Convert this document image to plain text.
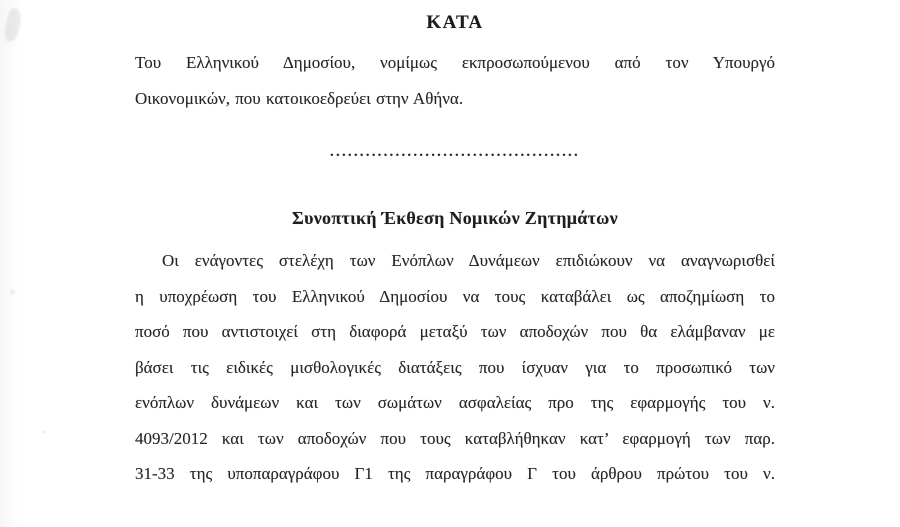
ΚΑΤΑ
Του Ελληνικού Δημοσίου, νομίμως εκπροσωπούμενου από τον Υπουργό
Οικονομικών, που κατοικοεδρεύει στην Αθήνα.
..........................................
Συνοπτική Έκθεση Νομικών Ζητημάτων
Οι ενάγοντες στελέχη των Ενόπλων Δυνάμεων επιδιώκουν να αναγνωρισθεί
η υποχρέωση του Ελληνικού Δημοσίου να τους καταβάλει ως αποζημίωση το
ποσό που αντιστοιχεί στη διαφορά μεταξύ των αποδοχών που θα ελάμβαναν με
βάσει τις ειδικές μισθολογικές διατάξεις που ίσχυαν για το προσωπικό των
ενόπλων δυνάμεων και των σωμάτων ασφαλείας προ της εφαρμογής του ν.
4093/2012 και των αποδοχών που τους καταβλήθηκαν κατ’ εφαρμογή των παρ.
31-33 της υποπαραγράφου Γ1 της παραγράφου Γ του άρθρου πρώτου του ν.
